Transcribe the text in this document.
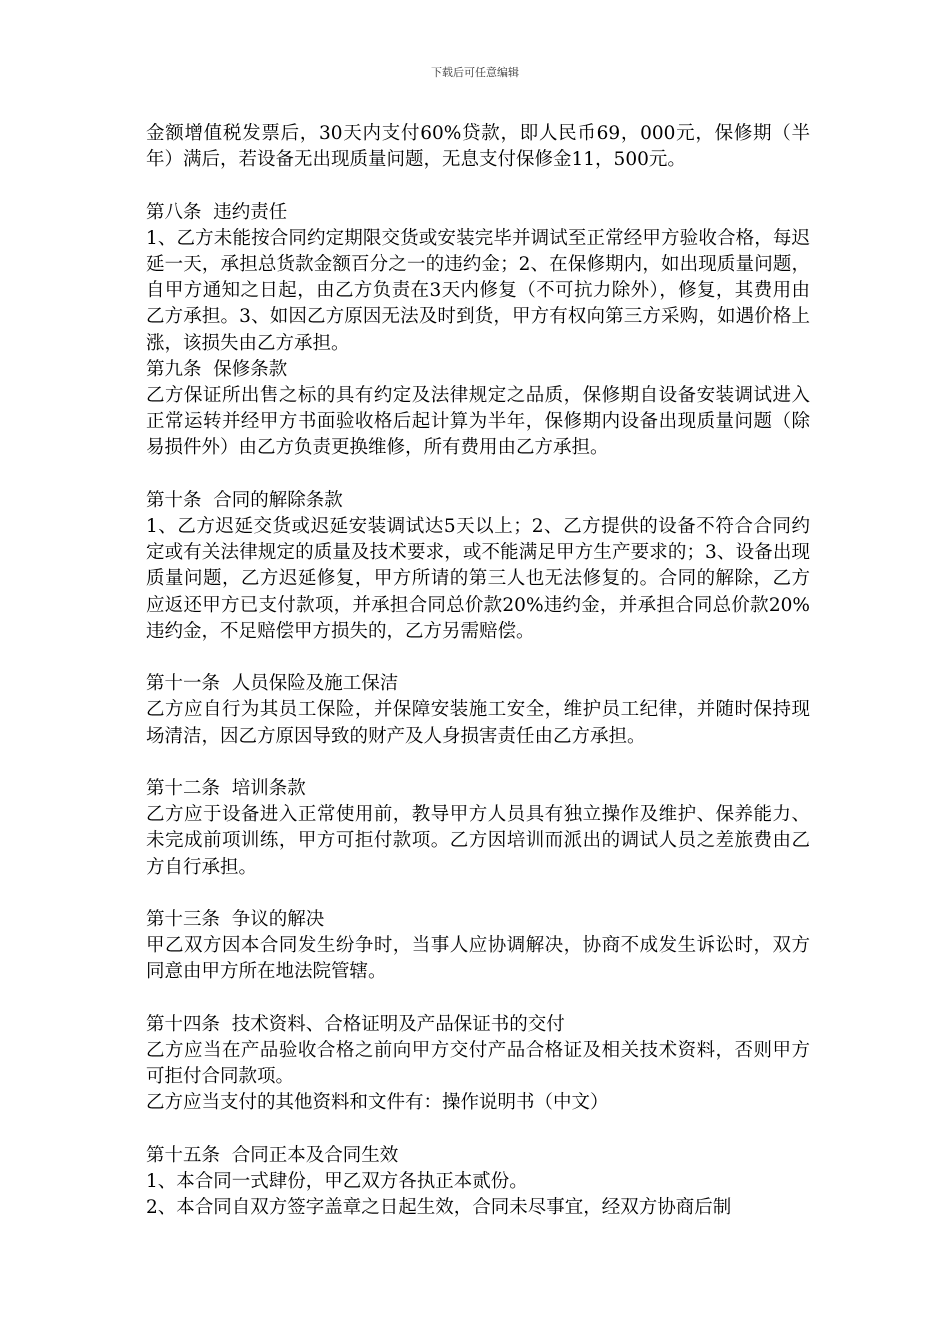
下载后可任意编辑

金额增值税发票后，30天内支付60%贷款，即人民币69，000元，保修期（半年）满后，若设备无出现质量问题，无息支付保修金11，500元。

第八条  违约责任

1、乙方未能按合同约定期限交货或安装完毕并调试至正常经甲方验收合格，每迟延一天，承担总货款金额百分之一的违约金；2、在保修期内，如出现质量问题，自甲方通知之日起，由乙方负责在3天内修复（不可抗力除外），修复，其费用由乙方承担。3、如因乙方原因无法及时到货，甲方有权向第三方采购，如遇价格上涨，该损失由乙方承担。

第九条  保修条款

乙方保证所出售之标的具有约定及法律规定之品质，保修期自设备安装调试进入正常运转并经甲方书面验收格后起计算为半年，保修期内设备出现质量问题（除易损件外）由乙方负责更换维修，所有费用由乙方承担。

第十条  合同的解除条款

1、乙方迟延交货或迟延安装调试达5天以上；2、乙方提供的设备不符合合同约定或有关法律规定的质量及技术要求，或不能满足甲方生产要求的；3、设备出现质量问题，乙方迟延修复，甲方所请的第三人也无法修复的。合同的解除，乙方应返还甲方已支付款项，并承担合同总价款20%违约金，并承担合同总价款20%违约金，不足赔偿甲方损失的，乙方另需赔偿。

第十一条  人员保险及施工保洁

乙方应自行为其员工保险，并保障安装施工安全，维护员工纪律，并随时保持现场清洁，因乙方原因导致的财产及人身损害责任由乙方承担。

第十二条  培训条款

乙方应于设备进入正常使用前，教导甲方人员具有独立操作及维护、保养能力、未完成前项训练，甲方可拒付款项。乙方因培训而派出的调试人员之差旅费由乙方自行承担。

第十三条  争议的解决

甲乙双方因本合同发生纷争时，当事人应协调解决，协商不成发生诉讼时，双方同意由甲方所在地法院管辖。

第十四条  技术资料、合格证明及产品保证书的交付

乙方应当在产品验收合格之前向甲方交付产品合格证及相关技术资料，否则甲方可拒付合同款项。

乙方应当支付的其他资料和文件有：操作说明书（中文）

第十五条  合同正本及合同生效

1、本合同一式肆份，甲乙双方各执正本贰份。

2、本合同自双方签字盖章之日起生效，合同未尽事宜，经双方协商后制
